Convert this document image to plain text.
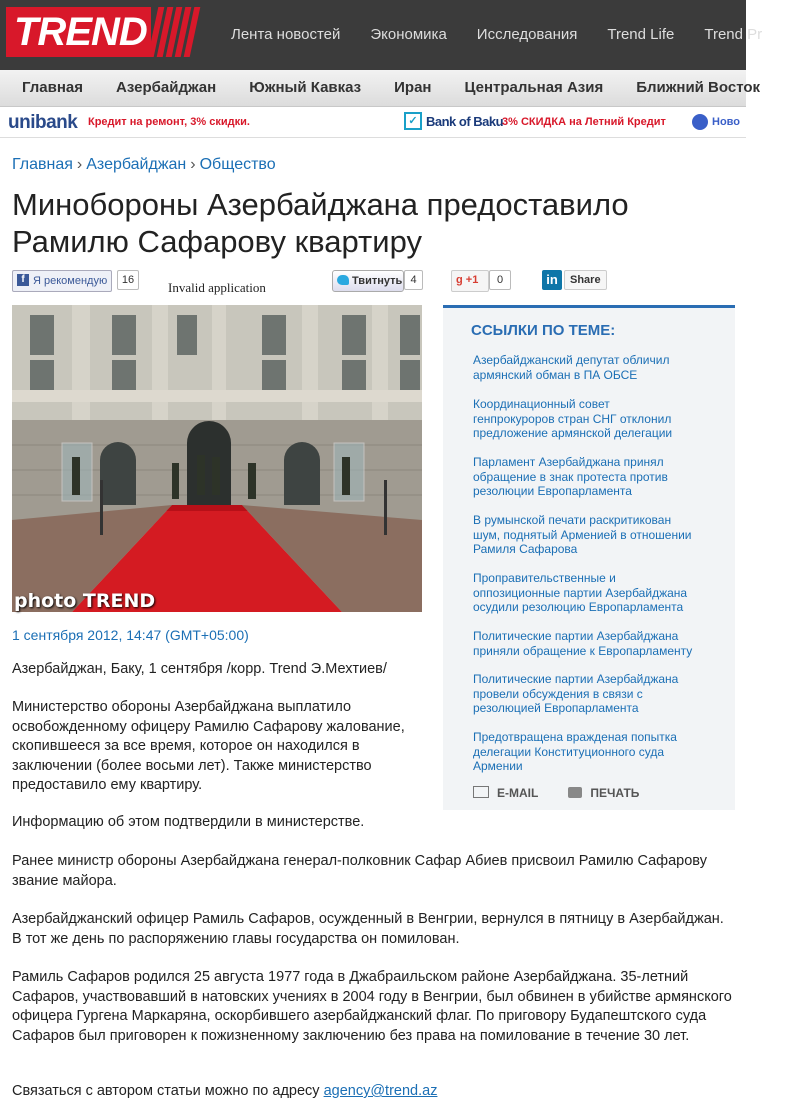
TREND	Лента новостей Экономика Исследования Trend Life Trend Pr
Главная Азербайджан Южный Кавказ Иран Центральная Азия Ближний Восток
unibank Кредит на ремонт, 3% скидки.	✓ Bank of Baku
3% СКИДКА на Летний Кредит	Ново
Главная › Азербайджан › Общество
Минобороны Азербайджана предоставило Рамилю Сафарову квартиру
f Я рекомендую	16	Invalid application	Твитнуть 4	g +1	0	in	Share
photo TREND
1 сентября 2012, 14:47 (GMT+05:00)

Азербайджан, Баку, 1 сентября /корр. Trend Э.Мехтиев/

Министерство обороны Азербайджана выплатило освобожденному офицеру Рамилю Сафарову жалование, скопившееся за все время, которое он находился в заключении (более восьми лет). Также министерство предоставило ему квартиру.

Информацию об этом подтвердили в министерстве.

Ранее министр обороны Азербайджана генерал-полковник Сафар Абиев присвоил Рамилю Сафарову звание майора.

Азербайджанский офицер Рамиль Сафаров, осужденный в Венгрии, вернулся в пятницу в Азербайджан. В тот же день по распоряжению главы государства он помилован.

Рамиль Сафаров родился 25 августа 1977 года в Джабраильском районе Азербайджана. 35-летний Сафаров, участвовавший в натовских учениях в 2004 году в Венгрии, был обвинен в убийстве армянского офицера Гургена Маркаряна, оскорбившего азербайджанский флаг. По приговору Будапештского суда Сафаров был приговорен к пожизненному заключению без права на помилование в течение 30 лет.

Связаться с автором статьи можно по адресу agency@trend.az

ССЫЛКИ ПО ТЕМЕ:

Азербайджанский депутат обличил армянский обман в ПА ОБСЕ

Координационный совет генпрокуроров стран СНГ отклонил предложение армянской делегации

Парламент Азербайджана принял обращение в знак протеста против резолюции Европарламента

В румынской печати раскритикован шум, поднятый Арменией в отношении Рамиля Сафарова

Проправительственные и оппозиционные партии Азербайджана осудили резолюцию Европарламента

Политические партии Азербайджана приняли обращение к Европарламенту

Политические партии Азербайджана провели обсуждения в связи с резолюцией Европарламента

Предотвращена вражденая попытка делегации Конституционного суда Армении

E-MAIL	ПЕЧАТЬ
